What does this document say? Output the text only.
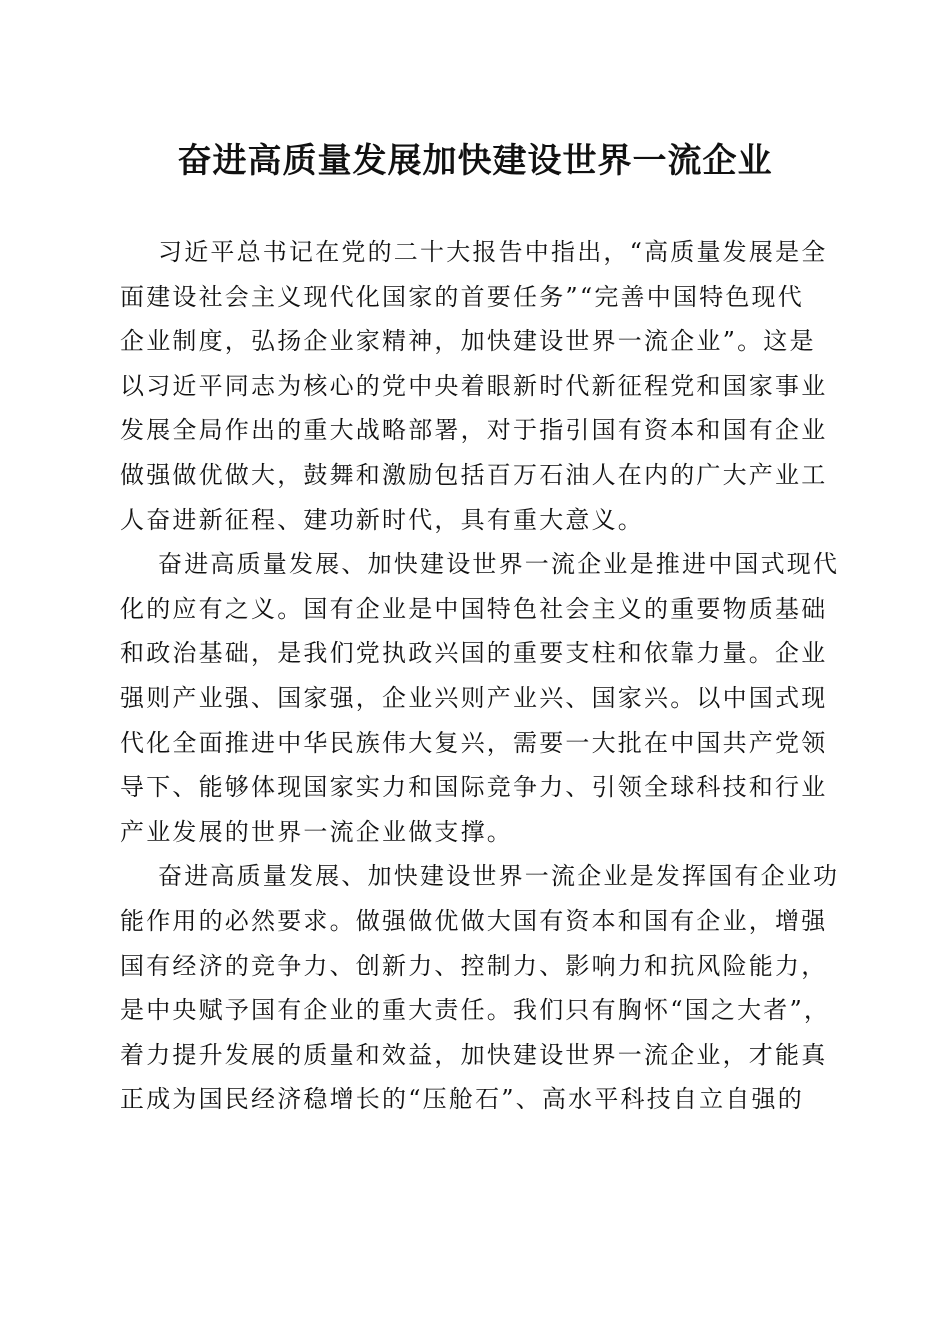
奋进高质量发展加快建设世界一流企业
习近平总书记在党的二十大报告中指出，“高质量发展是全
面建设社会主义现代化国家的首要任务”“完善中国特色现代
企业制度，弘扬企业家精神，加快建设世界一流企业”。这是
以习近平同志为核心的党中央着眼新时代新征程党和国家事业
发展全局作出的重大战略部署，对于指引国有资本和国有企业
做强做优做大，鼓舞和激励包括百万石油人在内的广大产业工
人奋进新征程、建功新时代，具有重大意义。
奋进高质量发展、加快建设世界一流企业是推进中国式现代
化的应有之义。国有企业是中国特色社会主义的重要物质基础
和政治基础，是我们党执政兴国的重要支柱和依靠力量。企业
强则产业强、国家强，企业兴则产业兴、国家兴。以中国式现
代化全面推进中华民族伟大复兴，需要一大批在中国共产党领
导下、能够体现国家实力和国际竞争力、引领全球科技和行业
产业发展的世界一流企业做支撑。
奋进高质量发展、加快建设世界一流企业是发挥国有企业功
能作用的必然要求。做强做优做大国有资本和国有企业，增强
国有经济的竞争力、创新力、控制力、影响力和抗风险能力，
是中央赋予国有企业的重大责任。我们只有胸怀“国之大者”，
着力提升发展的质量和效益，加快建设世界一流企业，才能真
正成为国民经济稳增长的“压舱石”、高水平科技自立自强的
